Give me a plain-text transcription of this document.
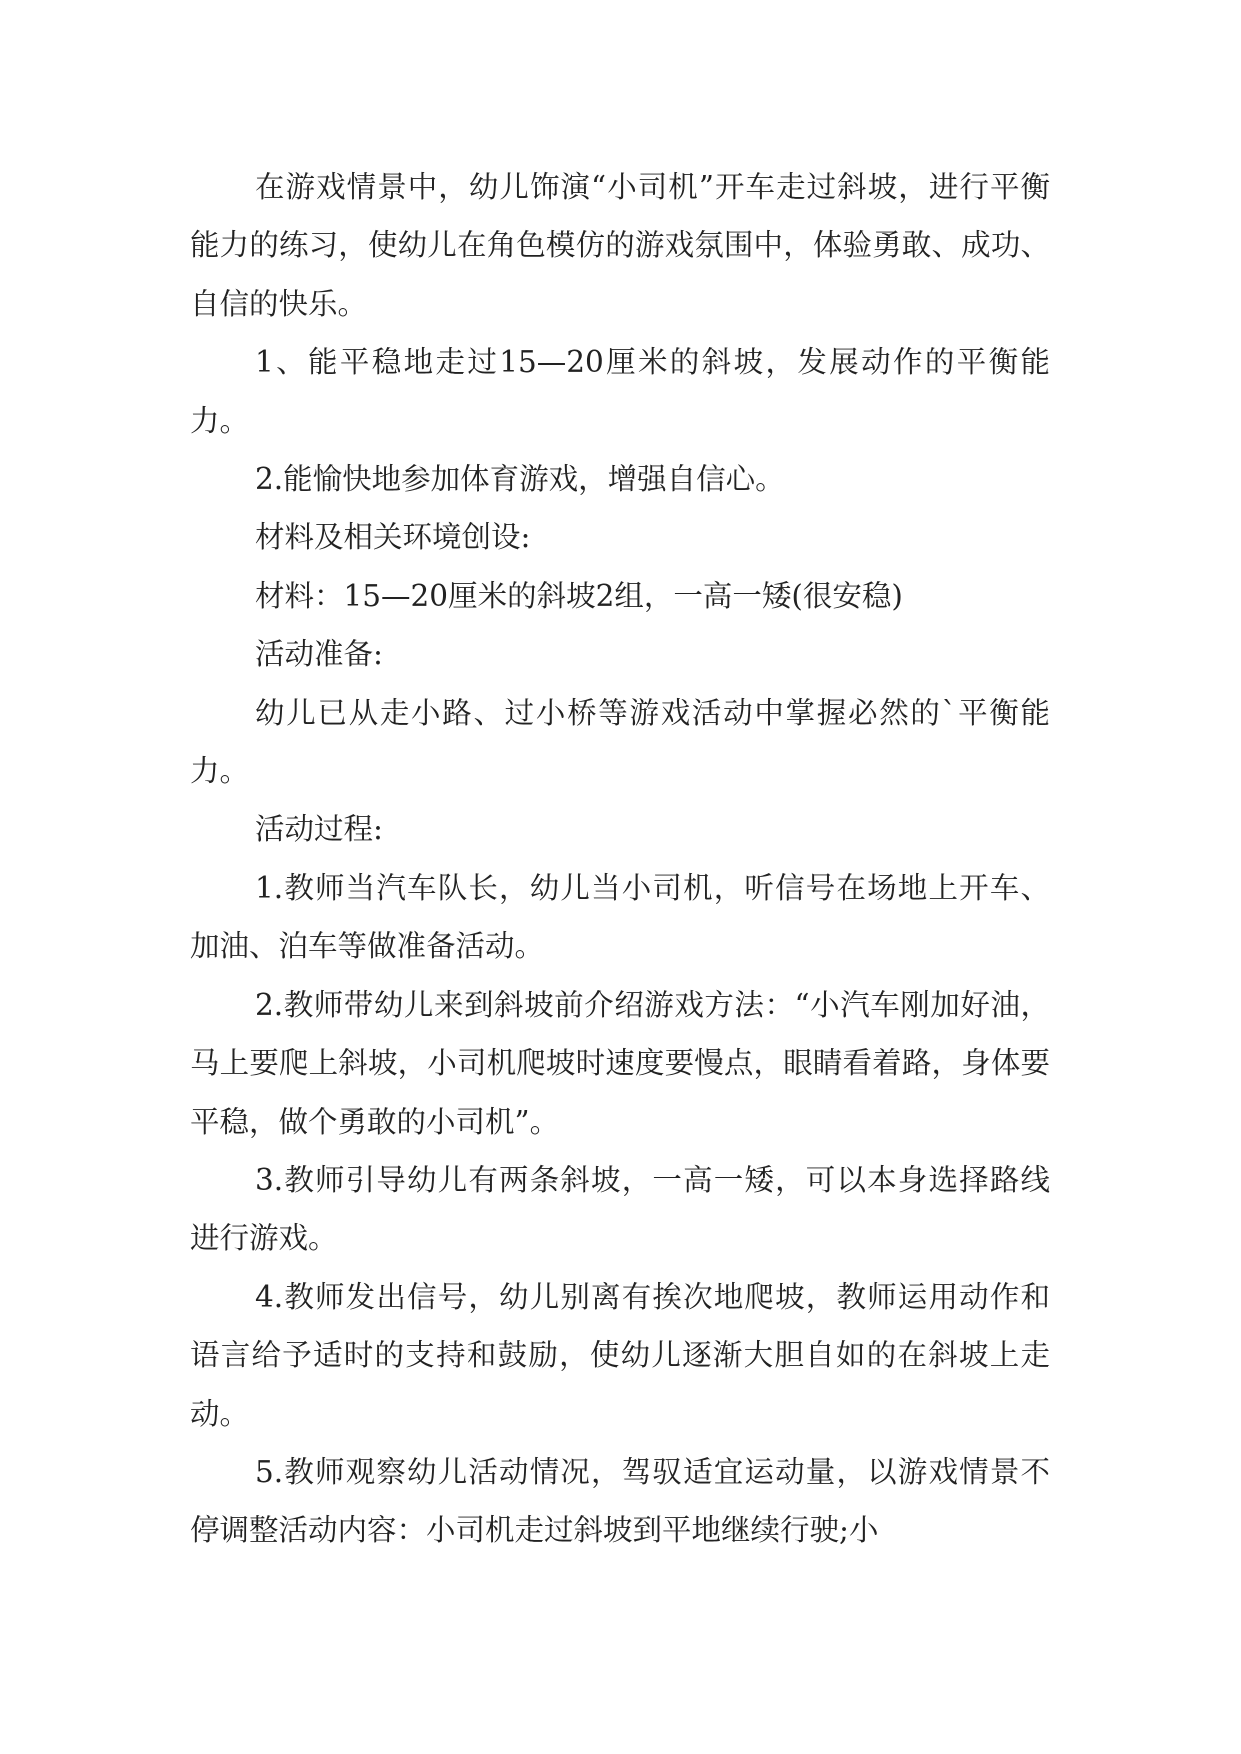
在游戏情景中，幼儿饰演“小司机”开车走过斜坡，进行平衡能力的练习，使幼儿在角色模仿的游戏氛围中，体验勇敢、成功、自信的快乐。

1、能平稳地走过15—20厘米的斜坡，发展动作的平衡能力。

2.能愉快地参加体育游戏，增强自信心。

材料及相关环境创设:

材料：15—20厘米的斜坡2组，一高一矮(很安稳)

活动准备:

幼儿已从走小路、过小桥等游戏活动中掌握必然的`平衡能力。

活动过程:

1.教师当汽车队长，幼儿当小司机，听信号在场地上开车、加油、泊车等做准备活动。

2.教师带幼儿来到斜坡前介绍游戏方法：“小汽车刚加好油，马上要爬上斜坡，小司机爬坡时速度要慢点，眼睛看着路，身体要平稳，做个勇敢的小司机”。

3.教师引导幼儿有两条斜坡，一高一矮，可以本身选择路线进行游戏。

4.教师发出信号，幼儿别离有挨次地爬坡，教师运用动作和语言给予适时的支持和鼓励，使幼儿逐渐大胆自如的在斜坡上走动。

5.教师观察幼儿活动情况，驾驭适宜运动量，以游戏情景不停调整活动内容：小司机走过斜坡到平地继续行驶;小
